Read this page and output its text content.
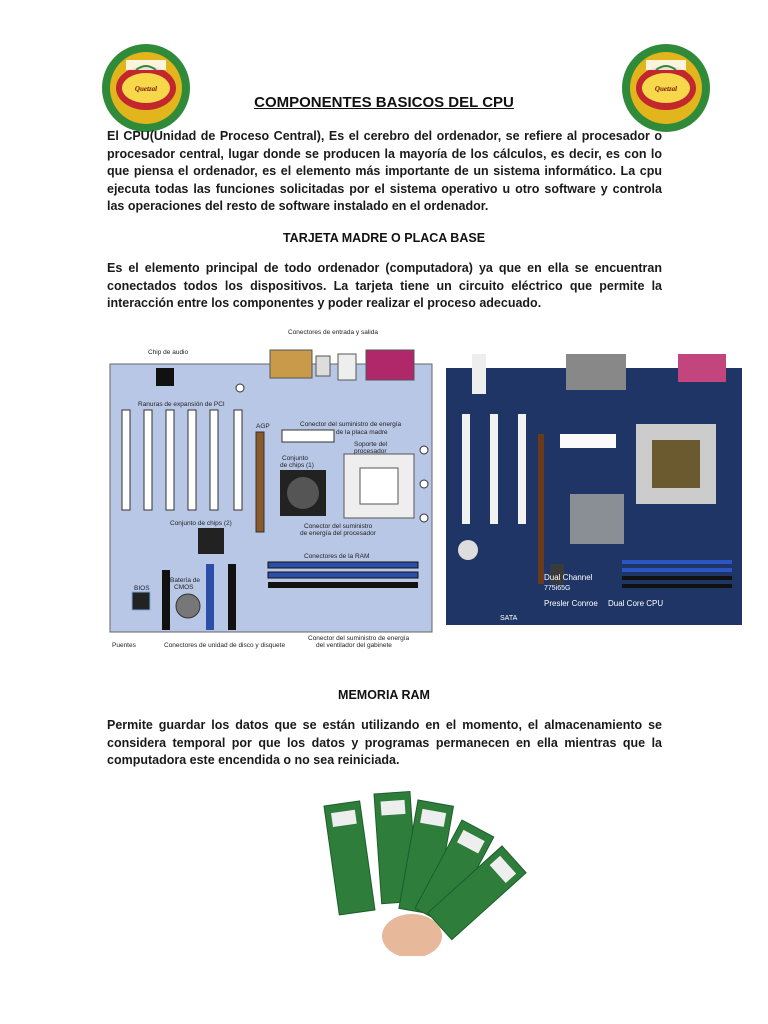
Quetzal	Quetzal
COMPONENTES BASICOS DEL CPU
El CPU(Unidad de Proceso Central), Es el cerebro del ordenador, se refiere al procesador o procesador central, lugar donde se producen la mayoría de los cálculos, es decir, es con lo que piensa el ordenador, es el elemento más importante de un sistema informático. La cpu ejecuta todas las funciones solicitadas por el sistema operativo u otro software y controla las operaciones del resto de software instalado en el ordenador.
TARJETA MADRE O PLACA BASE
Es el elemento principal de todo ordenador (computadora) ya que en ella se encuentran conectados todos los dispositivos. La tarjeta tiene un circuito eléctrico que permite la interacción entre los componentes y poder realizar el proceso adecuado.
Conectores de entrada y salida
Chip de audio
Ranuras de expansión de PCI
AGP	Conector del suministro de energía
de la placa madre
Soporte del
procesador
Conjunto
de chips (1)
Conjunto de chips (2)	Conector del suministro
de energía del procesador
Conectores de la RAM
BIOS
Batería de
CMOS
Puentes	Conectores de unidad de disco y disquete
Conector del suministro de energía
del ventilador del gabinete
Dual Channel
775i65G
Presler Conroe Dual Core CPU
SATA
MEMORIA RAM
Permite guardar los datos que se están utilizando en el momento, el almacenamiento se considera temporal por que los datos y programas permanecen en ella mientras que la computadora este encendida o no sea reiniciada.
